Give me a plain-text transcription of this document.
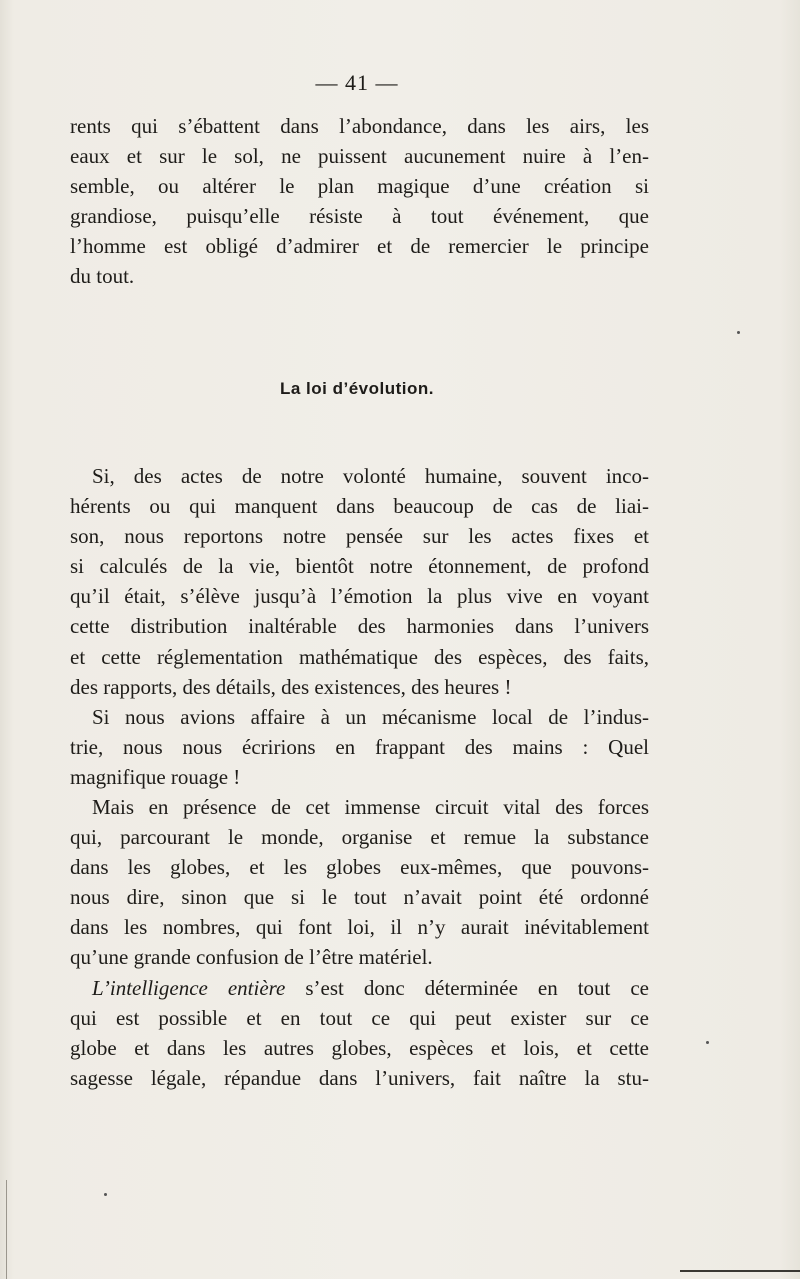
— 41 —
rents qui s’ébattent dans l’abondance, dans les airs, les
eaux et sur le sol, ne puissent aucunement nuire à l’en-
semble, ou altérer le plan magique d’une création si
grandiose, puisqu’elle résiste à tout événement, que
l’homme est obligé d’admirer et de remercier le principe
du tout.
La loi d’évolution.
Si, des actes de notre volonté humaine, souvent inco-
hérents ou qui manquent dans beaucoup de cas de liai-
son, nous reportons notre pensée sur les actes fixes et
si calculés de la vie, bientôt notre étonnement, de profond
qu’il était, s’élève jusqu’à l’émotion la plus vive en voyant
cette distribution inaltérable des harmonies dans l’univers
et cette réglementation mathématique des espèces, des faits,
des rapports, des détails, des existences, des heures !
Si nous avions affaire à un mécanisme local de l’indus-
trie, nous nous écririons en frappant des mains : Quel
magnifique rouage !
Mais en présence de cet immense circuit vital des forces
qui, parcourant le monde, organise et remue la substance
dans les globes, et les globes eux-mêmes, que pouvons-
nous dire, sinon que si le tout n’avait point été ordonné
dans les nombres, qui font loi, il n’y aurait inévitablement
qu’une grande confusion de l’être matériel.
L’intelligence entière s’est donc déterminée en tout ce
qui est possible et en tout ce qui peut exister sur ce
globe et dans les autres globes, espèces et lois, et cette
sagesse légale, répandue dans l’univers, fait naître la stu-
